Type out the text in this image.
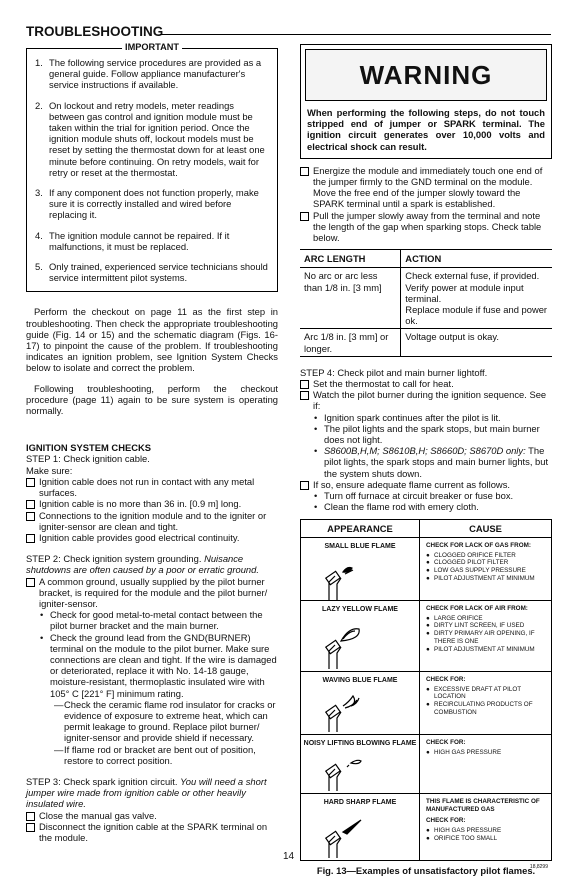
TROUBLESHOOTING
IMPORTANT
1. The following service procedures are provided as a general guide. Follow appliance manufacturer's service instructions if available.
2. On lockout and retry models, meter readings between gas control and ignition module must be taken within the trial for ignition period. Once the ignition module shuts off, lockout models must be reset by setting the thermostat down for at least one minute before continuing. On retry models, wait for retry or reset at the thermostat.
3. If any component does not function properly, make sure it is correctly installed and wired before replacing it.
4. The ignition module cannot be repaired. If it malfunctions, it must be replaced.
5. Only trained, experienced service technicians should service intermittent pilot systems.

Perform the checkout on page 11 as the first step in troubleshooting. Then check the appropriate troubleshooting guide (Fig. 14 or 15) and the schematic diagram (Figs. 16-17) to pinpoint the cause of the problem. If troubleshooting indicates an ignition problem, see Ignition System Checks below to isolate and correct the problem.

Following troubleshooting, perform the checkout procedure (page 11) again to be sure system is operating normally.

IGNITION SYSTEM CHECKS
STEP 1: Check ignition cable.
Make sure:
Ignition cable does not run in contact with any metal surfaces.
Ignition cable is no more than 36 in. [0.9 m] long.
Connections to the ignition module and to the igniter or igniter-sensor are clean and tight.
Ignition cable provides good electrical continuity.
STEP 2: Check ignition system grounding. Nuisance shutdowns are often caused by a poor or erratic ground.
A common ground, usually supplied by the pilot burner bracket, is required for the module and the pilot burner/ igniter-sensor.
• Check for good metal-to-metal contact between the pilot burner bracket and the main burner.
• Check the ground lead from the GND(BURNER) terminal on the module to the pilot burner. Make sure connections are clean and tight. If the wire is damaged or deteriorated, replace it with No. 14-18 gauge, moisture-resistant, thermoplastic insulated wire with 105° C [221° F] minimum rating.
— Check the ceramic flame rod insulator for cracks or evidence of exposure to extreme heat, which can permit leakage to ground. Replace pilot burner/ igniter-sensor and provide shield if necessary.
— If flame rod or bracket are bent out of position, restore to correct position.
STEP 3: Check spark ignition circuit. You will need a short jumper wire made from ignition cable or other heavily insulated wire.
Close the manual gas valve.
Disconnect the ignition cable at the SPARK terminal on the module.
WARNING
When performing the following steps, do not touch stripped end of jumper or SPARK terminal. The ignition circuit generates over 10,000 volts and electrical shock can result.
Energize the module and immediately touch one end of the jumper firmly to the GND terminal on the module. Move the free end of the jumper slowly toward the SPARK terminal until a spark is established.
Pull the jumper slowly away from the terminal and note the length of the gap when sparking stops. Check table below.
ARC LENGTH	ACTION
No arc or arc less than 1/8 in. [3 mm]	Check external fuse, if provided.
Verify power at module input terminal.
Replace module if fuse and power ok.

Arc 1/8 in. [3 mm] or longer.	Voltage output is okay.
STEP 4: Check pilot and main burner lightoff.
Set the thermostat to call for heat.
Watch the pilot burner during the ignition sequence. See if:
• Ignition spark continues after the pilot is lit.
• The pilot lights and the spark stops, but main burner does not light.
• S8600B,H,M; S8610B,H; S8660D; S8670D only: The pilot lights, the spark stops and main burner lights, but the system shuts down.
If so, ensure adequate flame current as follows.
• Turn off furnace at circuit breaker or fuse box.
• Clean the flame rod with emery cloth.
APPEARANCE	CAUSE
SMALL BLUE FLAME	CHECK FOR LACK OF GAS FROM:
● CLOGGED ORIFICE FILTER
● CLOGGED PILOT FILTER
● LOW GAS SUPPLY PRESSURE
● PILOT ADJUSTMENT AT MINIMUM
LAZY YELLOW FLAME	CHECK FOR LACK OF AIR FROM:
● LARGE ORIFICE
● DIRTY LINT SCREEN, IF USED
● DIRTY PRIMARY AIR OPENING, IF THERE IS ONE
● PILOT ADJUSTMENT AT MINIMUM
WAVING BLUE FLAME	CHECK FOR:
● EXCESSIVE DRAFT AT PILOT LOCATION
● RECIRCULATING PRODUCTS OF COMBUSTION
NOISY LIFTING BLOWING FLAME	CHECK FOR:
● HIGH GAS PRESSURE
HARD SHARP FLAME	THIS FLAME IS CHARACTERISTIC OF MANUFACTURED GAS
CHECK FOR:
● HIGH GAS PRESSURE
● ORIFICE TOO SMALL
18,8299
Fig. 13—Examples of unsatisfactory pilot flames.
14
